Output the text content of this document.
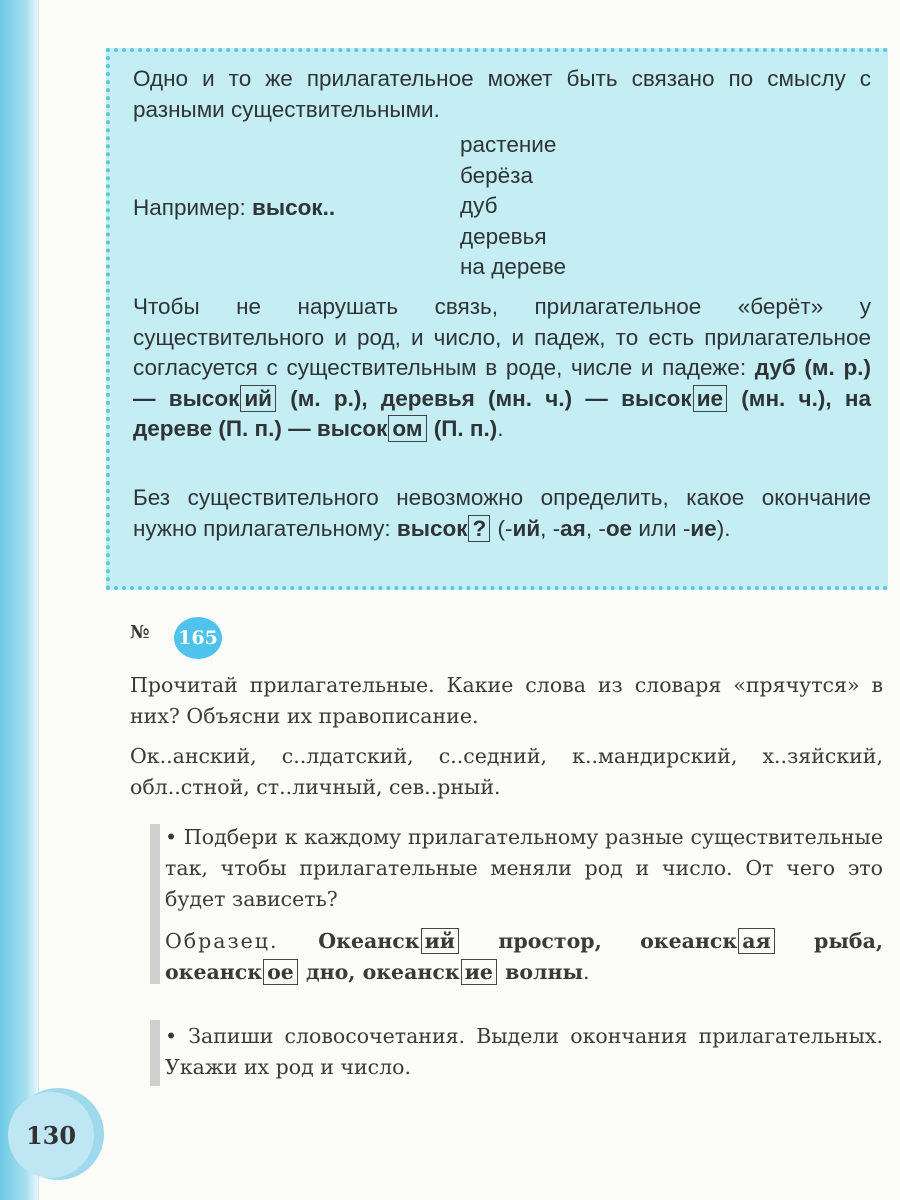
Одно и то же прилагательное может быть связано по смыслу с разными существительными.
Например: высок..
растение
берёза
дуб
деревья
на дереве
Чтобы не нарушать связь, прилагательное «берёт» у существительного и род, и число, и падеж, то есть прилагательное согласуется с существительным в роде, числе и падеже: дуб (м. р.) — высок ий (м. р.), деревья (мн. ч.) — высок ие (мн. ч.), на дереве (П. п.) — высок ом (П. п.).
Без существительного невозможно определить, какое окончание нужно прилагательному: высок ? (-ий, -ая, -ое или -ие).
№ 165
Прочитай прилагательные. Какие слова из словаря «прячутся» в них? Объясни их правописание.
Ок..анский, с..лдатский, с..седний, к..мандирский, х..зяйский, обл..стной, ст..личный, сев..рный.
• Подбери к каждому прилагательному разные существительные так, чтобы прилагательные меняли род и число. От чего это будет зависеть?
Образец. Океанск ий простор, океанск ая рыба, океанск ое дно, океанск ие волны.
• Запиши словосочетания. Выдели окончания прилагательных. Укажи их род и число.
130
